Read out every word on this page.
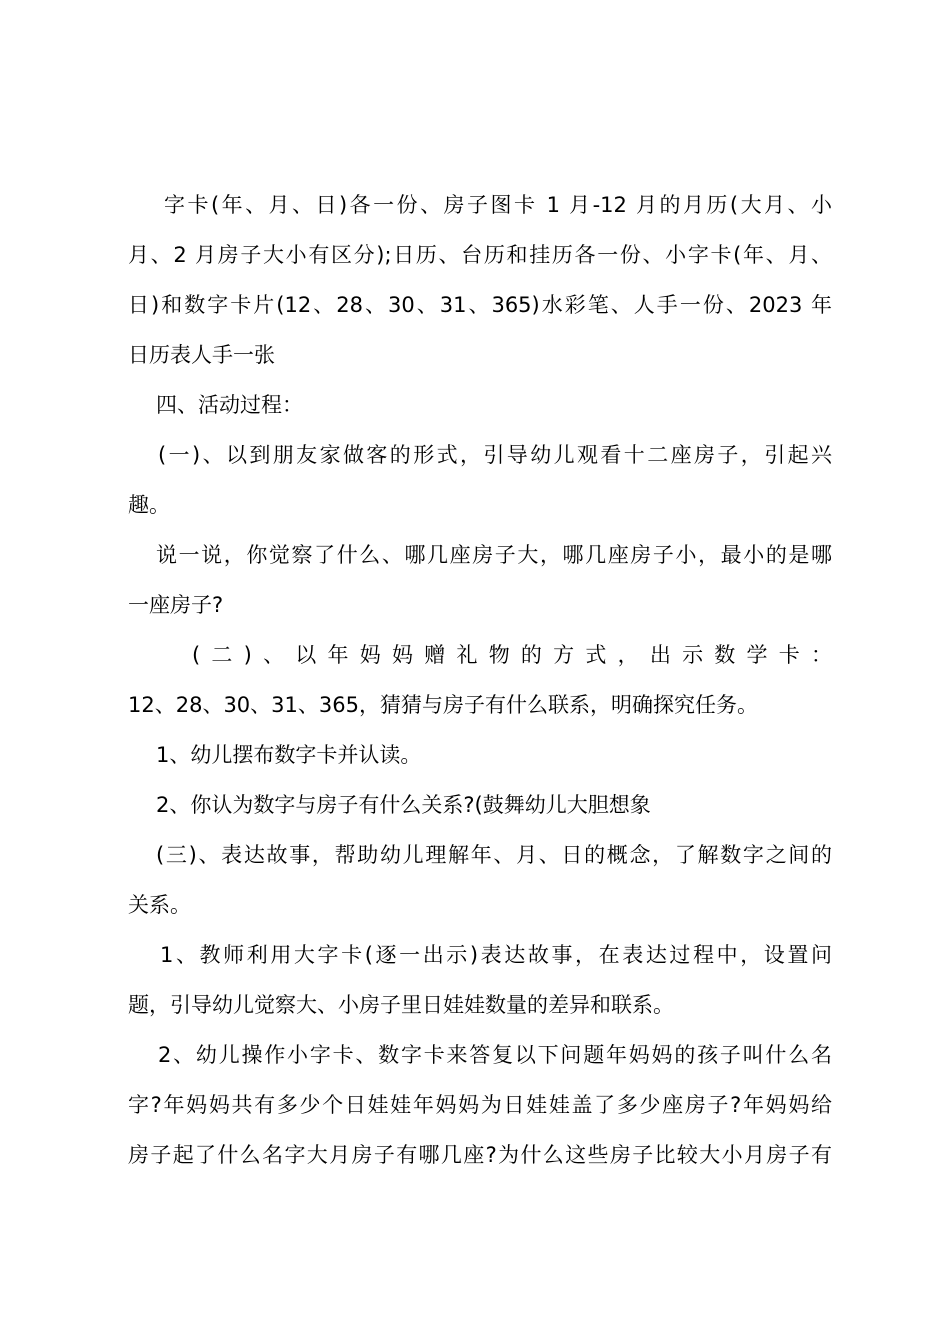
字卡(年、月、日)各一份、房子图卡 1 月-12 月的月历(大月、小
月、2 月房子大小有区分);日历、台历和挂历各一份、小字卡(年、月、
日)和数字卡片(12、28、30、31、365)水彩笔、人手一份、2023 年
日历表人手一张
四、活动过程：
(一)、以到朋友家做客的形式，引导幼儿观看十二座房子，引起兴
趣。
说一说，你觉察了什么、哪几座房子大，哪几座房子小，最小的是哪
一座房子?
(二)、以年妈妈赠礼物的方式，出示数学卡：
12、28、30、31、365，猜猜与房子有什么联系，明确探究任务。
1、幼儿摆布数字卡并认读。
2、你认为数字与房子有什么关系?(鼓舞幼儿大胆想象
(三)、表达故事，帮助幼儿理解年、月、日的概念，了解数字之间的
关系。
1、教师利用大字卡(逐一出示)表达故事，在表达过程中，设置问
题，引导幼儿觉察大、小房子里日娃娃数量的差异和联系。
2、幼儿操作小字卡、数字卡来答复以下问题年妈妈的孩子叫什么名
字?年妈妈共有多少个日娃娃年妈妈为日娃娃盖了多少座房子?年妈妈给
房子起了什么名字大月房子有哪几座?为什么这些房子比较大小月房子有
